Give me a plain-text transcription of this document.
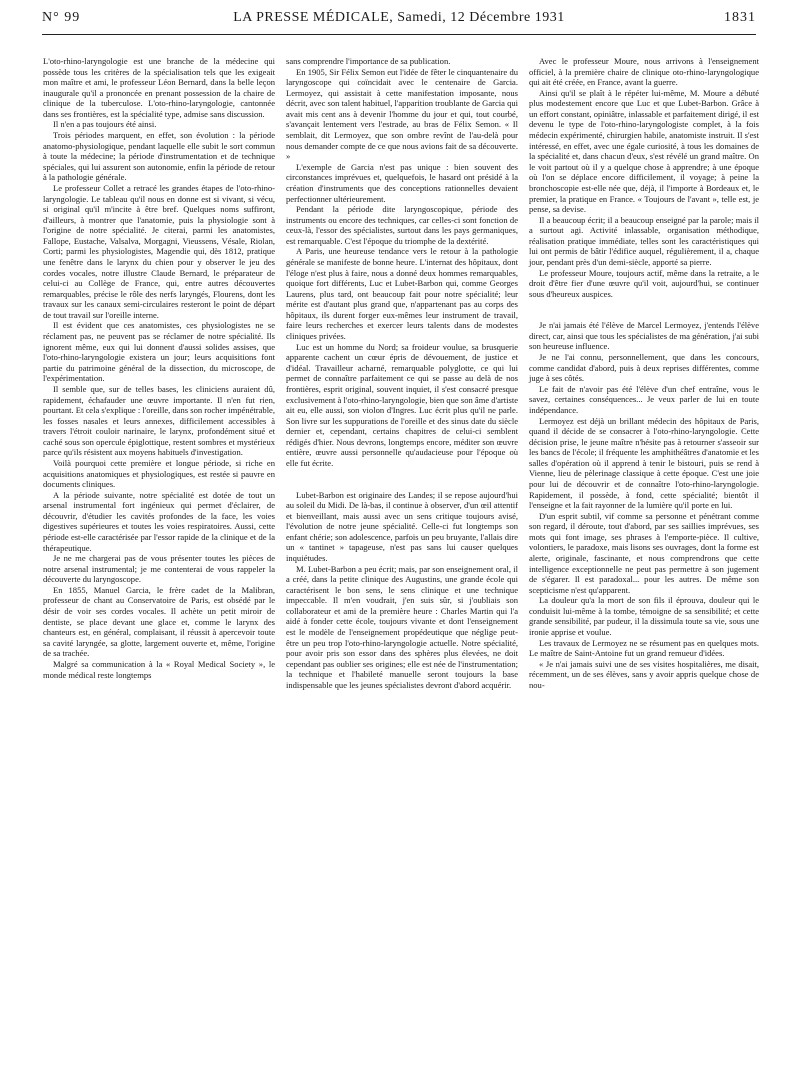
N° 99	LA PRESSE MÉDICALE, Samedi, 12 Décembre 1931	1831

L'oto-rhino-laryngologie est une branche de la médecine qui possède tous les critères de la spécialisation tels que les exigeait mon maître et ami, le professeur Léon Bernard, dans la belle leçon inaugurale qu'il a prononcée en prenant possession de la chaire de clinique de la tuberculose. L'oto-rhino-laryngologie, cantonnée dans ses frontières, est la spécialité type, admise sans discussion.

Il n'en a pas toujours été ainsi.

Trois périodes marquent, en effet, son évolution : la période anatomo-physiologique, pendant laquelle elle subit le sort commun à toute la médecine; la période d'instrumentation et de technique spéciales, qui lui assurent son autonomie, enfin la période de retour à la pathologie générale.

Le professeur Collet a retracé les grandes étapes de l'oto-rhino-laryngologie. Le tableau qu'il nous en donne est si vivant, si vécu, si original qu'il m'incite à être bref. Quelques noms suffiront, d'ailleurs, à montrer que l'anatomie, puis la physiologie sont à l'origine de notre spécialité. Je citerai, parmi les anatomistes, Fallope, Eustache, Valsalva, Morgagni, Vieussens, Vésale, Riolan, Corti; parmi les physiologistes, Magendie qui, dès 1812, pratique une fenêtre dans le larynx du chien pour y observer le jeu des cordes vocales, notre illustre Claude Bernard, le préparateur de celui-ci au Collège de France, qui, entre autres découvertes remarquables, précise le rôle des nerfs laryngés, Flourens, dont les travaux sur les canaux semi-circulaires resteront le point de départ de tout travail sur l'oreille interne.

Il est évident que ces anatomistes, ces physiologistes ne se réclament pas, ne peuvent pas se réclamer de notre spécialité. Ils ignorent même, eux qui lui donnent d'aussi solides assises, que l'oto-rhino-laryngologie existera un jour; leurs acquisitions font partie du patrimoine général de la dissection, du microscope, de l'expérimentation.

Il semble que, sur de telles bases, les cliniciens auraient dû, rapidement, échafauder une œuvre importante. Il n'en fut rien, pourtant. Et cela s'explique : l'oreille, dans son rocher impénétrable, les fosses nasales et leurs annexes, difficilement accessibles à travers l'étroit couloir narinaire, le larynx, profondément situé et caché sous son opercule épiglottique, restent sombres et mystérieux parce qu'ils résistent aux moyens habituels d'investigation.

Voilà pourquoi cette première et longue période, si riche en acquisitions anatomiques et physiologiques, est restée si pauvre en documents cliniques.

A la période suivante, notre spécialité est dotée de tout un arsenal instrumental fort ingénieux qui permet d'éclairer, de découvrir, d'étudier les cavités profondes de la face, les voies digestives supérieures et toutes les voies respiratoires. Aussi, cette période est-elle caractérisée par l'essor rapide de la clinique et de la thérapeutique.

Je ne me chargerai pas de vous présenter toutes les pièces de notre arsenal instrumental; je me contenterai de vous rappeler la découverte du laryngoscope.

En 1855, Manuel Garcia, le frère cadet de la Malibran, professeur de chant au Conservatoire de Paris, est obsédé par le désir de voir ses cordes vocales. Il achète un petit miroir de dentiste, se place devant une glace et, comme le larynx des chanteurs est, en général, complaisant, il réussit à apercevoir toute sa cavité laryngée, sa glotte, largement ouverte et, même, l'origine de sa trachée.

Malgré sa communication à la « Royal Medical Society », le monde médical reste longtemps

sans comprendre l'importance de sa publication.

En 1905, Sir Félix Semon eut l'idée de fêter le cinquantenaire du laryngoscope qui coïncidait avec le centenaire de Garcia. Lermoyez, qui assistait à cette manifestation imposante, nous décrit, avec son talent habituel, l'apparition troublante de Garcia qui avait mis cent ans à devenir l'homme du jour et qui, tout courbé, s'avançait lentement vers l'estrade, au bras de Félix Semon. « Il semblait, dit Lermoyez, que son ombre revînt de l'au-delà pour nous demander compte de ce que nous avions fait de sa découverte. »

L'exemple de Garcia n'est pas unique : bien souvent des circonstances imprévues et, quelquefois, le hasard ont présidé à la création d'instruments que des conceptions rationnelles devaient perfectionner ultérieurement.

Pendant la période dite laryngoscopique, période des instruments ou encore des techniques, car celles-ci sont fonction de ceux-là, l'essor des spécialistes, surtout dans les pays germaniques, est remarquable. C'est l'époque du triomphe de la dextérité.

A Paris, une heureuse tendance vers le retour à la pathologie générale se manifeste de bonne heure. L'internat des hôpitaux, dont l'éloge n'est plus à faire, nous a donné deux hommes remarquables, quoique fort différents, Luc et Lubet-Barbon qui, comme Georges Laurens, plus tard, ont beaucoup fait pour notre spécialité; leur mérite est d'autant plus grand que, n'appartenant pas au corps des hôpitaux, ils durent forger eux-mêmes leur instrument de travail, faire leurs recherches et exercer leurs talents dans de modestes cliniques privées.

Luc est un homme du Nord; sa froideur voulue, sa brusquerie apparente cachent un cœur épris de dévouement, de justice et d'idéal. Travailleur acharné, remarquable polyglotte, ce qui lui permet de connaître parfaitement ce qui se passe au delà de nos frontières, esprit original, souvent inquiet, il s'est consacré presque exclusivement à l'oto-rhino-laryngologie, bien que son âme d'artiste ait eu, elle aussi, son violon d'Ingres. Luc écrit plus qu'il ne parle. Son livre sur les suppurations de l'oreille et des sinus date du siècle dernier et, cependant, certains chapitres de celui-ci semblent rédigés d'hier. Nous devrons, longtemps encore, méditer son œuvre entière, œuvre aussi personnelle qu'audacieuse pour l'époque où elle fut écrite.

Lubet-Barbon est originaire des Landes; il se repose aujourd'hui au soleil du Midi. De là-bas, il continue à observer, d'un œil attentif et bienveillant, mais aussi avec un sens critique toujours avisé, l'évolution de notre jeune spécialité. Celle-ci fut longtemps son enfant chérie; son adolescence, parfois un peu bruyante, l'allais dire un « tantinet » tapageuse, n'est pas sans lui causer quelques inquiétudes.

M. Lubet-Barbon a peu écrit; mais, par son enseignement oral, il a créé, dans la petite clinique des Augustins, une grande école qui caractérisent le bon sens, le sens clinique et une technique impeccable. Il m'en voudrait, j'en suis sûr, si j'oubliais son collaborateur et ami de la première heure : Charles Martin qui l'a aidé à fonder cette école, toujours vivante et dont l'enseignement est le modèle de l'enseignement propédeutique que néglige peut-être un peu trop l'oto-rhino-laryngologie actuelle. Notre spécialité, pour avoir pris son essor dans des sphères plus élevées, ne doit cependant pas oublier ses origines; elle est née de l'instrumentation; la technique et l'habileté manuelle seront toujours la base indispensable que les jeunes spécialistes devront d'abord acquérir.

Avec le professeur Moure, nous arrivons à l'enseignement officiel, à la première chaire de clinique oto-rhino-laryngologique qui ait été créée, en France, avant la guerre.

Ainsi qu'il se plaît à le répéter lui-même, M. Moure a débuté plus modestement encore que Luc et que Lubet-Barbon. Grâce à un effort constant, opiniâtre, inlassable et parfaitement dirigé, il est devenu le type de l'oto-rhino-laryngologiste complet, à la fois médecin expérimenté, chirurgien habile, anatomiste instruit. Il s'est intéressé, en effet, avec une égale curiosité, à tous les domaines de la spécialité et, dans chacun d'eux, s'est révélé un grand maître. On le voit partout où il y a quelque chose à apprendre; à une époque où l'on se déplace encore difficilement, il voyage; à peine la bronchoscopie est-elle née que, déjà, il l'importe à Bordeaux et, le premier, la pratique en France. « Toujours de l'avant », telle est, je pense, sa devise.

Il a beaucoup écrit; il a beaucoup enseigné par la parole; mais il a surtout agi. Activité inlassable, organisation méthodique, réalisation pratique immédiate, telles sont les caractéristiques qui lui ont permis de bâtir l'édifice auquel, régulièrement, il a, chaque jour, pendant près d'un demi-siècle, apporté sa pierre.

Le professeur Moure, toujours actif, même dans la retraite, a le droit d'être fier d'une œuvre qu'il voit, aujourd'hui, se continuer sous d'heureux auspices.

Je n'ai jamais été l'élève de Marcel Lermoyez, j'entends l'élève direct, car, ainsi que tous les spécialistes de ma génération, j'ai subi son heureuse influence.

Je ne l'ai connu, personnellement, que dans les concours, comme candidat d'abord, puis à deux reprises différentes, comme juge à ses côtés.

Le fait de n'avoir pas été l'élève d'un chef entraîne, vous le savez, certaines conséquences... Je veux parler de lui en toute indépendance.

Lermoyez est déjà un brillant médecin des hôpitaux de Paris, quand il décide de se consacrer à l'oto-rhino-laryngologie. Cette décision prise, le jeune maître n'hésite pas à retourner s'asseoir sur les bancs de l'école; il fréquente les amphithéâtres d'anatomie et les salles d'opération où il apprend à tenir le bistouri, puis se rend à Vienne, lieu de pèlerinage classique à cette époque. C'est une joie pour lui de découvrir et de connaître l'oto-rhino-laryngologie. Rapidement, il possède, à fond, cette spécialité; bientôt il l'enseigne et la fait rayonner de la lumière qu'il porte en lui.

D'un esprit subtil, vif comme sa personne et pénétrant comme son regard, il déroute, tout d'abord, par ses saillies imprévues, ses mots qui font image, ses phrases à l'emporte-pièce. Il cultive, volontiers, le paradoxe, mais lisons ses ouvrages, dont la forme est alerte, originale, fascinante, et nous comprendrons que cette intelligence exceptionnelle ne peut pas permettre à son jugement de s'égarer. Il est paradoxal... pour les autres. De même son scepticisme n'est qu'apparent.

La douleur qu'a la mort de son fils il éprouva, douleur qui le conduisit lui-même à la tombe, témoigne de sa sensibilité; et cette grande sensibilité, par pudeur, il la dissimula toute sa vie, sous une ironie apprise et voulue.

Les travaux de Lermoyez ne se résument pas en quelques mots. Le maître de Saint-Antoine fut un grand remueur d'idées.

« Je n'ai jamais suivi une de ses visites hospitalières, me disait, récemment, un de ses élèves, sans y avoir appris quelque chose de nou-
